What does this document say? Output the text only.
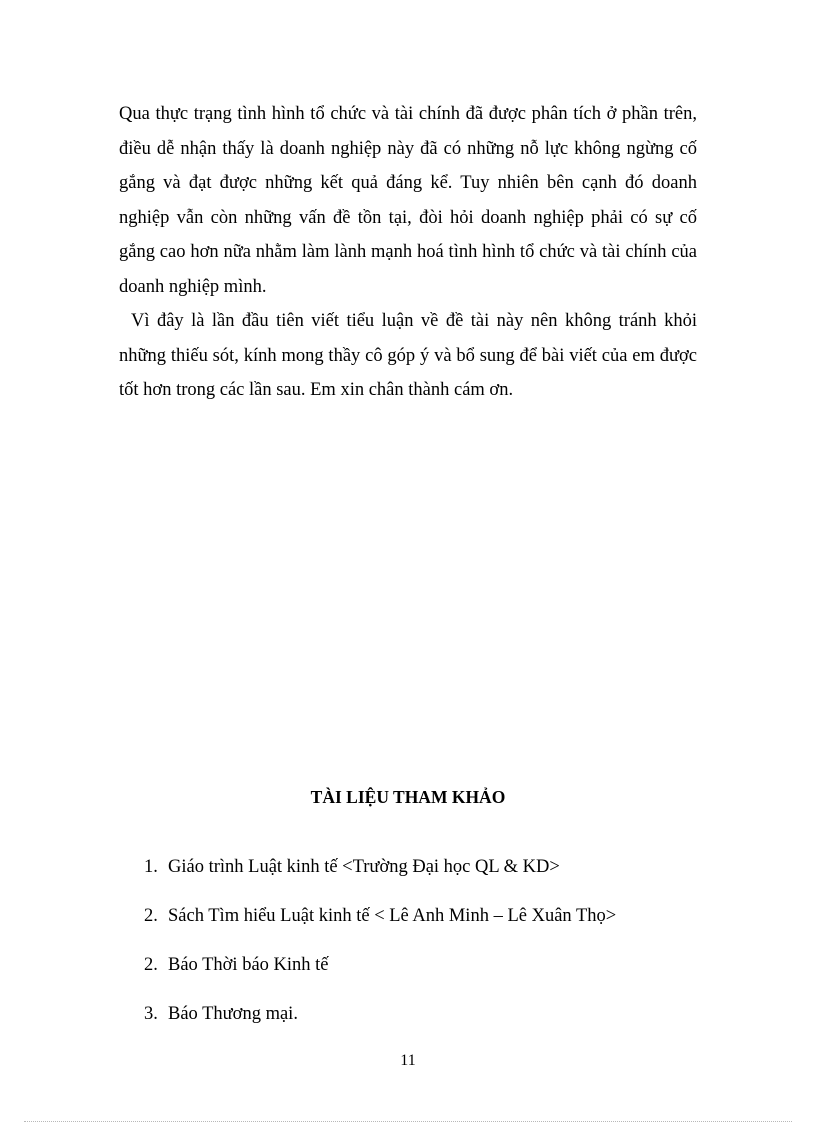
Qua thực trạng tình hình tổ chức và tài chính đã được phân tích ở phần trên, điều dễ nhận thấy là doanh nghiệp này đã có những nỗ lực không ngừng cố gắng và đạt được những kết quả đáng kể. Tuy nhiên bên cạnh đó doanh nghiệp vẫn còn những vấn đề tồn tại, đòi hỏi doanh nghiệp phải có sự cố gắng cao hơn nữa nhằm làm lành mạnh hoá tình hình tổ chức và tài chính của doanh nghiệp mình.

Vì đây là lần đầu tiên viết tiểu luận về đề tài này nên không tránh khỏi những thiếu sót, kính mong thầy cô góp ý và bổ sung để bài viết của em được tốt hơn trong các lần sau. Em xin chân thành cám ơn.

TÀI LIỆU THAM KHẢO
1. Giáo trình Luật kinh tế <Trường Đại học QL & KD>
2. Sách Tìm hiểu Luật kinh tế < Lê Anh Minh – Lê Xuân Thọ>
2. Báo Thời báo Kinh tế
3. Báo Thương mại.

11
